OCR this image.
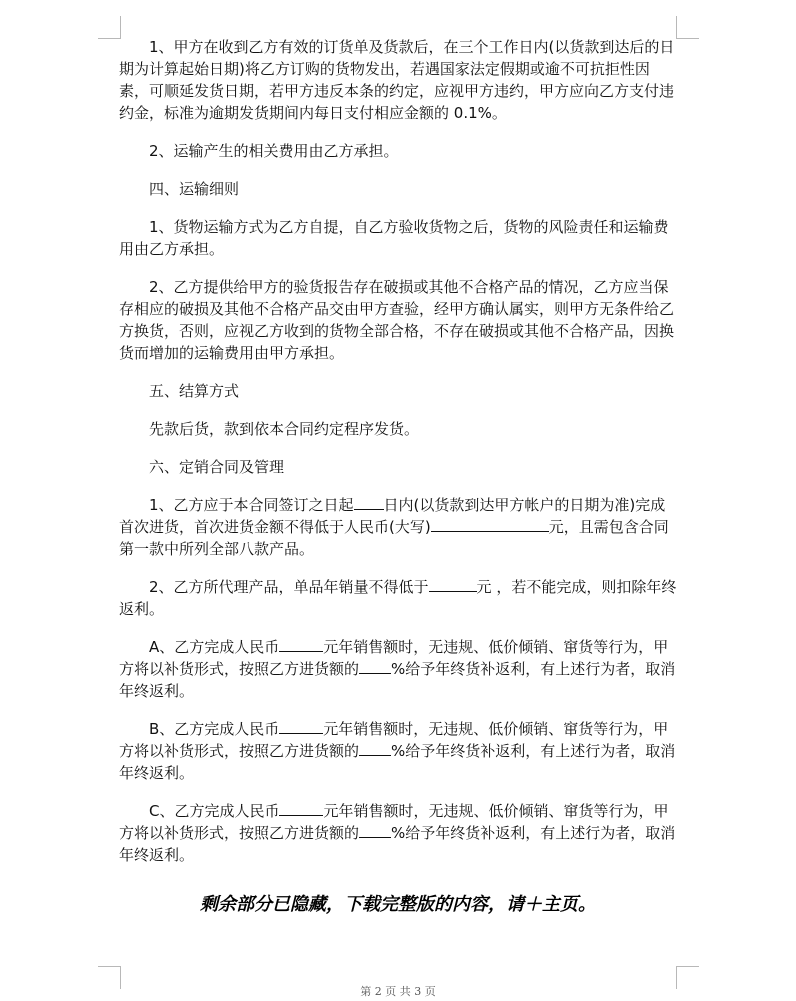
1、甲方在收到乙方有效的订货单及货款后，在三个工作日内(以货款到达后的日期为计算起始日期)将乙方订购的货物发出，若遇国家法定假期或逾不可抗拒性因素，可顺延发货日期，若甲方违反本条的约定，应视甲方违约，甲方应向乙方支付违约金，标准为逾期发货期间内每日支付相应金额的 0.1%。

2、运输产生的相关费用由乙方承担。

四、运输细则

1、货物运输方式为乙方自提，自乙方验收货物之后，货物的风险责任和运输费用由乙方承担。

2、乙方提供给甲方的验货报告存在破损或其他不合格产品的情况，乙方应当保存相应的破损及其他不合格产品交由甲方查验，经甲方确认属实，则甲方无条件给乙方换货，否则，应视乙方收到的货物全部合格，不存在破损或其他不合格产品，因换货而增加的运输费用由甲方承担。

五、结算方式

先款后货，款到依本合同约定程序发货。

六、定销合同及管理

1、乙方应于本合同签订之日起 日内(以货款到达甲方帐户的日期为准)完成首次进货，首次进货金额不得低于人民币(大写)	元，且需包含合同第一款中所列全部八款产品。

2、乙方所代理产品，单品年销量不得低于	元 ，若不能完成，则扣除年终返利。

A、乙方完成人民币	元年销售额时，无违规、低价倾销、窜货等行为，甲方将以补货形式，按照乙方进货额的 %给予年终货补返利，有上述行为者，取消年终返利。

B、乙方完成人民币	元年销售额时，无违规、低价倾销、窜货等行为，甲方将以补货形式，按照乙方进货额的 %给予年终货补返利，有上述行为者，取消年终返利。

C、乙方完成人民币	元年销售额时，无违规、低价倾销、窜货等行为，甲方将以补货形式，按照乙方进货额的 %给予年终货补返利，有上述行为者，取消年终返利。

剩余部分已隐藏，下载完整版的内容，请＋主页。
第 2 页 共 3 页
